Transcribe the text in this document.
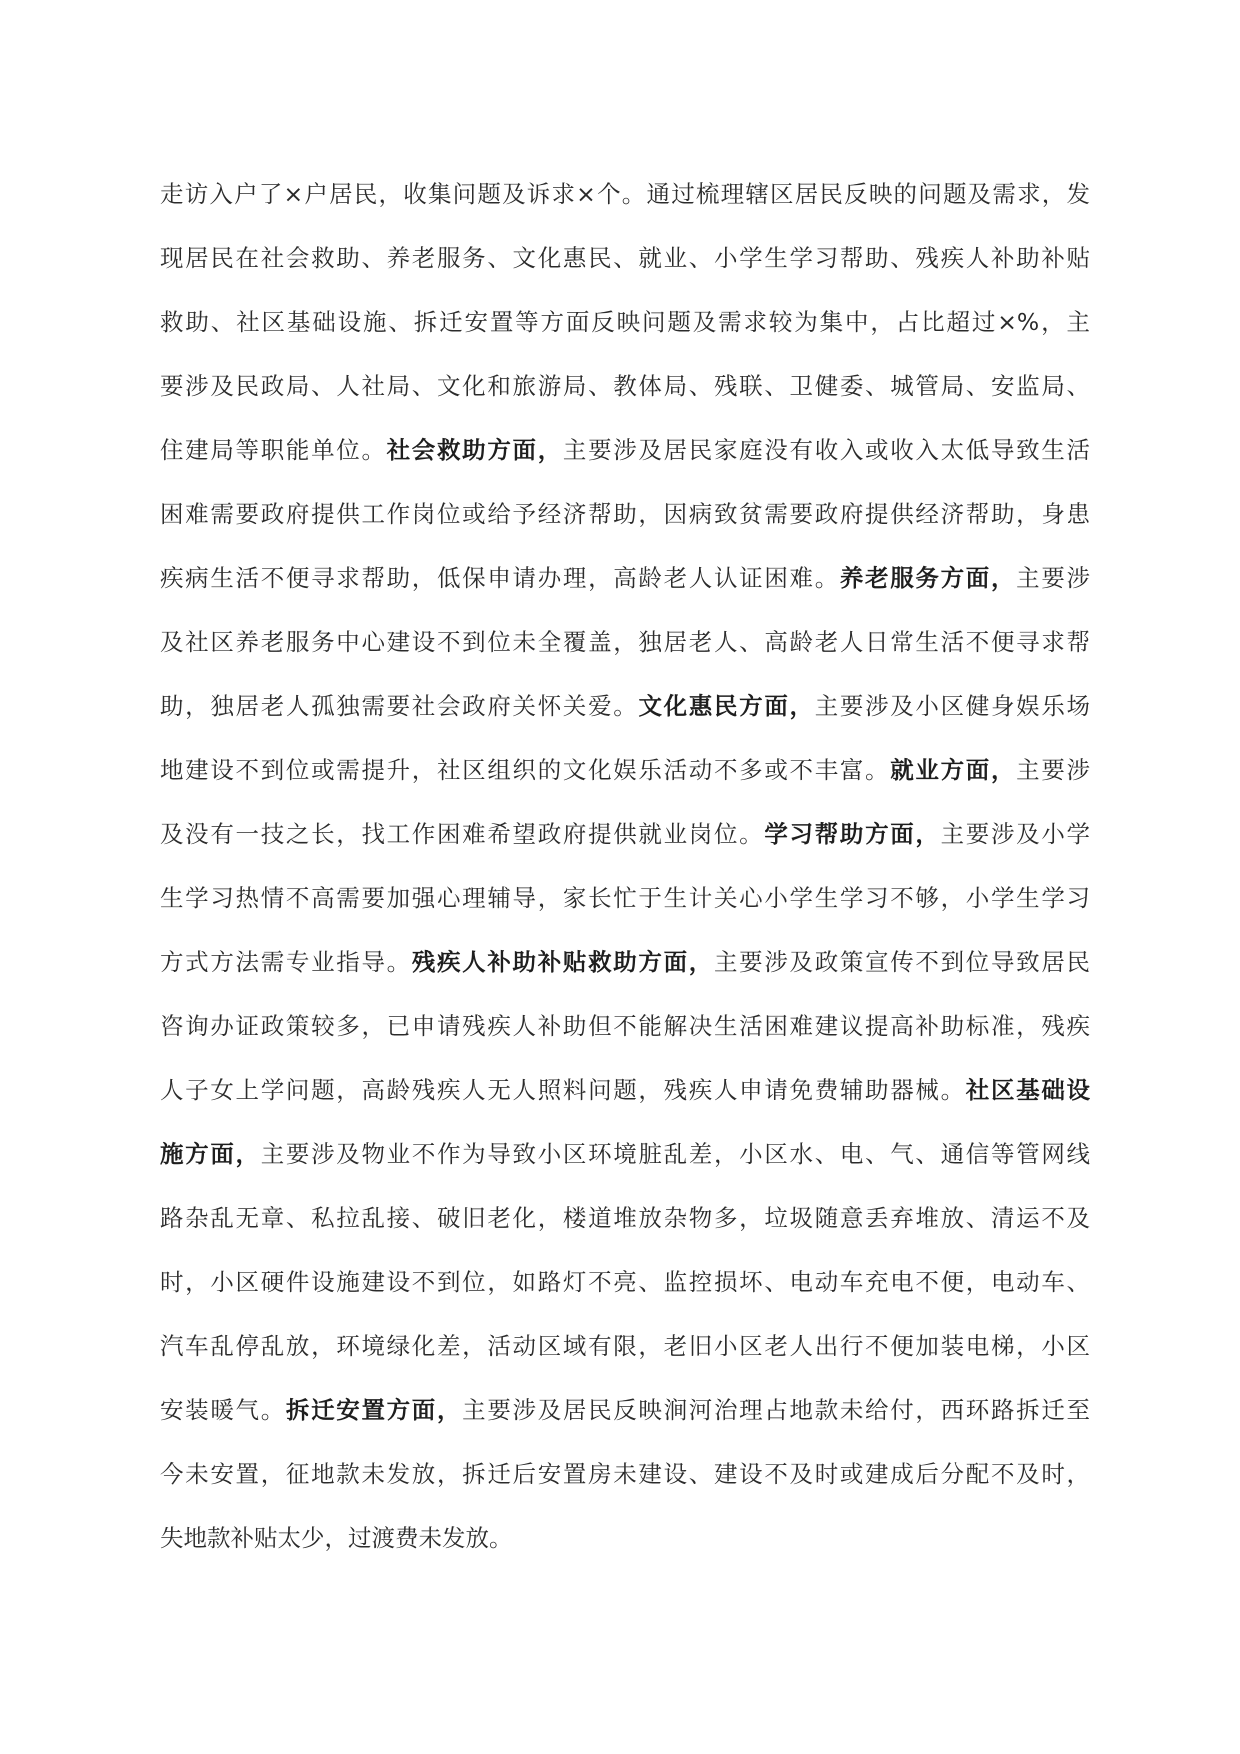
走访入户了×户居民，收集问题及诉求×个。通过梳理辖区居民反映的问题及需求，发
现居民在社会救助、养老服务、文化惠民、就业、小学生学习帮助、残疾人补助补贴
救助、社区基础设施、拆迁安置等方面反映问题及需求较为集中，占比超过×%，主
要涉及民政局、人社局、文化和旅游局、教体局、残联、卫健委、城管局、安监局、
住建局等职能单位。社会救助方面，主要涉及居民家庭没有收入或收入太低导致生活
困难需要政府提供工作岗位或给予经济帮助，因病致贫需要政府提供经济帮助，身患
疾病生活不便寻求帮助，低保申请办理，高龄老人认证困难。养老服务方面，主要涉
及社区养老服务中心建设不到位未全覆盖，独居老人、高龄老人日常生活不便寻求帮
助，独居老人孤独需要社会政府关怀关爱。文化惠民方面，主要涉及小区健身娱乐场
地建设不到位或需提升，社区组织的文化娱乐活动不多或不丰富。就业方面，主要涉
及没有一技之长，找工作困难希望政府提供就业岗位。学习帮助方面，主要涉及小学
生学习热情不高需要加强心理辅导，家长忙于生计关心小学生学习不够，小学生学习
方式方法需专业指导。残疾人补助补贴救助方面，主要涉及政策宣传不到位导致居民
咨询办证政策较多，已申请残疾人补助但不能解决生活困难建议提高补助标准，残疾
人子女上学问题，高龄残疾人无人照料问题，残疾人申请免费辅助器械。社区基础设
施方面，主要涉及物业不作为导致小区环境脏乱差，小区水、电、气、通信等管网线
路杂乱无章、私拉乱接、破旧老化，楼道堆放杂物多，垃圾随意丢弃堆放、清运不及
时，小区硬件设施建设不到位，如路灯不亮、监控损坏、电动车充电不便，电动车、
汽车乱停乱放，环境绿化差，活动区域有限，老旧小区老人出行不便加装电梯，小区
安装暖气。拆迁安置方面，主要涉及居民反映涧河治理占地款未给付，西环路拆迁至
今未安置，征地款未发放，拆迁后安置房未建设、建设不及时或建成后分配不及时，
失地款补贴太少，过渡费未发放。
